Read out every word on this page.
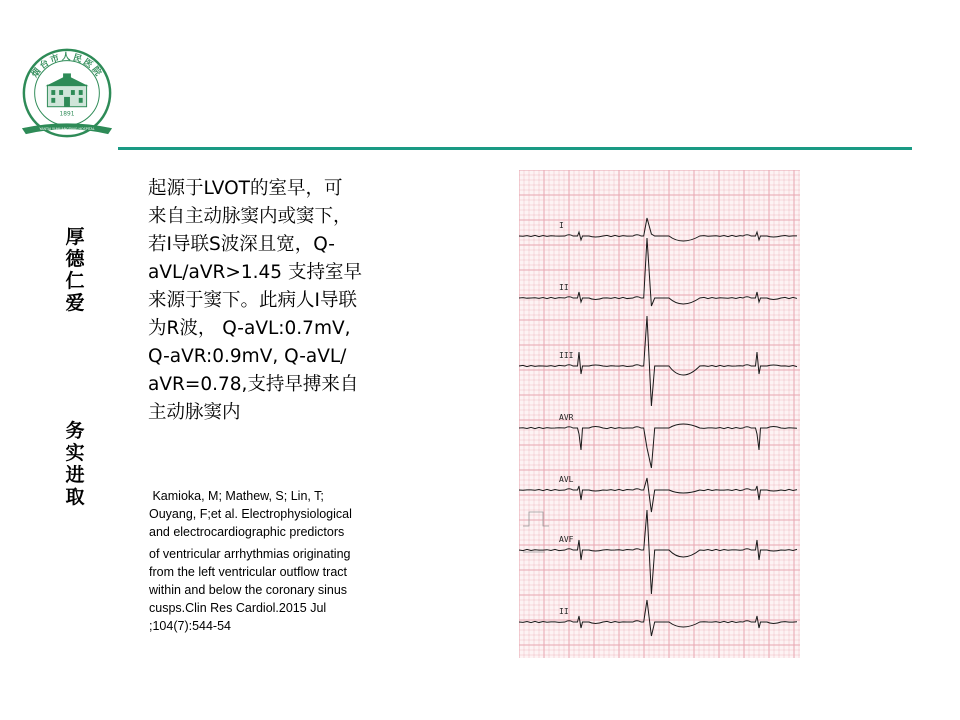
烟台市人民医院
1891
YANTAI YUHUANGDING HOSPITAL
厚
德
仁
爱
务
实
进
取
起源于LVOT的室早，可
来自主动脉窦内或窦下，
若I导联S波深且宽，Q-
aVL/aVR>1.45 支持室早
来源于窦下。此病人I导联
为R波， Q-aVL:0.7mV,
Q-aVR:0.9mV, Q-aVL/
aVR=0.78,支持早搏来自
主动脉窦内
Kamioka, M; Mathew, S; Lin, T;
Ouyang, F;et al. Electrophysiological
and electrocardiographic predictors
of ventricular arrhythmias originating
from the left ventricular outflow tract
within and below the coronary sinus
cusps.Clin Res Cardiol.2015 Jul
;104(7):544-54
I
II
III
AVR
AVL
AVF
II
